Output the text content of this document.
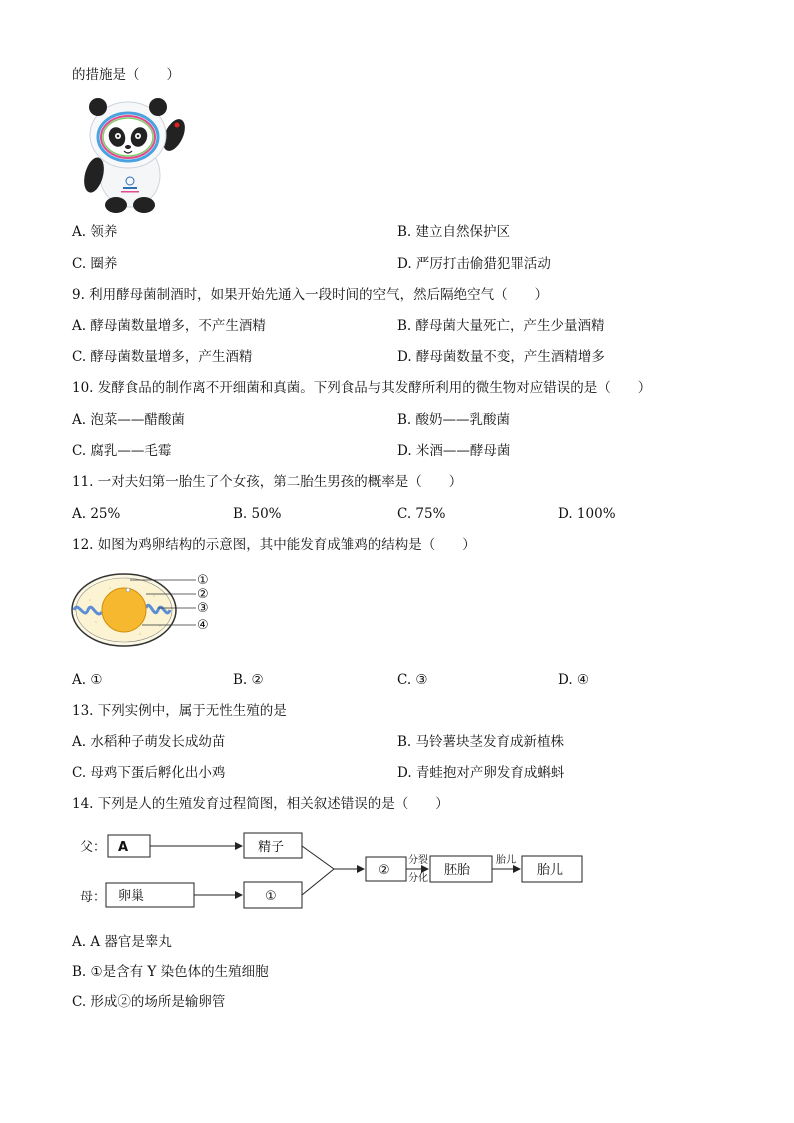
的措施是（　　）
A. 领养	B. 建立自然保护区
C. 圈养	D. 严厉打击偷猎犯罪活动
9. 利用酵母菌制酒时，如果开始先通入一段时间的空气，然后隔绝空气（　　）
A. 酵母菌数量增多，不产生酒精	B. 酵母菌大量死亡，产生少量酒精
C. 酵母菌数量增多，产生酒精	D. 酵母菌数量不变，产生酒精增多
10. 发酵食品的制作离不开细菌和真菌。下列食品与其发酵所利用的微生物对应错误的是（　　）
A. 泡菜——醋酸菌	B. 酸奶——乳酸菌
C. 腐乳——毛霉	D. 米酒——酵母菌
11. 一对夫妇第一胎生了个女孩，第二胎生男孩的概率是（　　）
A. 25%	B. 50%	C. 75%	D. 100%
12. 如图为鸡卵结构的示意图，其中能发育成雏鸡的结构是（　　）
①
②
③
④
A. ①	B. ②	C. ③	D. ④
13. 下列实例中，属于无性生殖的是
A. 水稻种子萌发长成幼苗	B. 马铃薯块茎发育成新植株
C. 母鸡下蛋后孵化出小鸡	D. 青蛙抱对产卵发育成蝌蚪
14. 下列是人的生殖发育过程简图，相关叙述错误的是（　　）
父： A	精子
母： 卵巢	①
②
分裂
分化
胚胎
胎儿
胎儿
A. A 器官是睾丸
B. ①是含有 Y 染色体的生殖细胞
C. 形成②的场所是输卵管
